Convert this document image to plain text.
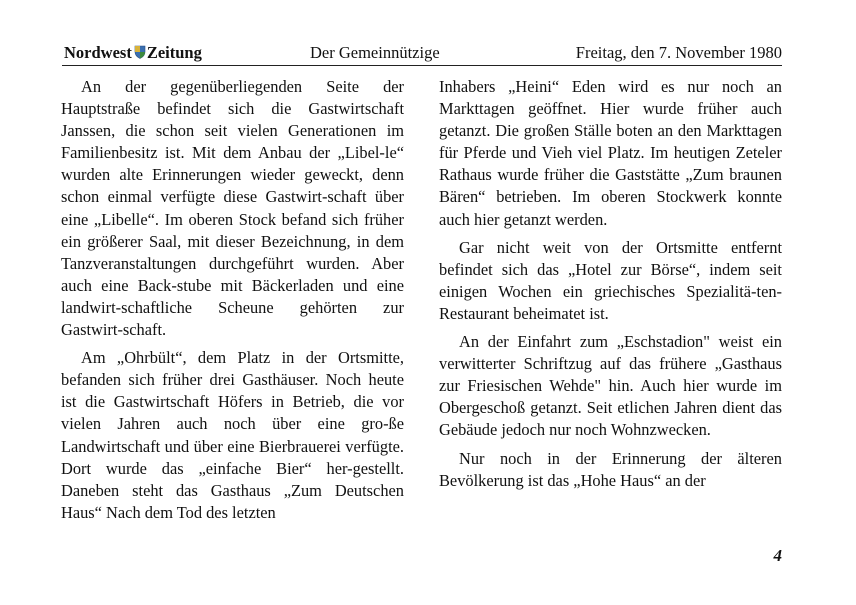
Nordwest Zeitung	Der Gemeinnützige	Freitag, den 7. November 1980

An der gegenüberliegenden Seite der Hauptstraße befindet sich die Gastwirtschaft Janssen, die schon seit vielen Generationen im Familienbesitz ist. Mit dem Anbau der „Libel-le“ wurden alte Erinnerungen wieder geweckt, denn schon einmal verfügte diese Gastwirt-schaft über eine „Libelle“. Im oberen Stock befand sich früher ein größerer Saal, mit dieser Bezeichnung, in dem Tanzveranstaltungen durchgeführt wurden. Aber auch eine Back-stube mit Bäckerladen und eine landwirt-schaftliche Scheune gehörten zur Gastwirt-schaft.

Am „Ohrbült“, dem Platz in der Ortsmitte, befanden sich früher drei Gasthäuser. Noch heute ist die Gastwirtschaft Höfers in Betrieb, die vor vielen Jahren auch noch über eine gro-ße Landwirtschaft und über eine Bierbrauerei verfügte. Dort wurde das „einfache Bier“ her-gestellt. Daneben steht das Gasthaus „Zum Deutschen Haus“ Nach dem Tod des letzten

Inhabers „Heini“ Eden wird es nur noch an Markttagen geöffnet. Hier wurde früher auch getanzt. Die großen Ställe boten an den Markttagen für Pferde und Vieh viel Platz. Im heutigen Zeteler Rathaus wurde früher die Gaststätte „Zum braunen Bären“ betrieben. Im oberen Stockwerk konnte auch hier getanzt werden.

Gar nicht weit von der Ortsmitte entfernt befindet sich das „Hotel zur Börse“, indem seit einigen Wochen ein griechisches Spezialitä-ten-Restaurant beheimatet ist.

An der Einfahrt zum „Eschstadion" weist ein verwitterter Schriftzug auf das frühere „Gasthaus zur Friesischen Wehde" hin. Auch hier wurde im Obergeschoß getanzt. Seit etlichen Jahren dient das Gebäude jedoch nur noch Wohnzwecken.

Nur noch in der Erinnerung der älteren Bevölkerung ist das „Hohe Haus“ an der

4
